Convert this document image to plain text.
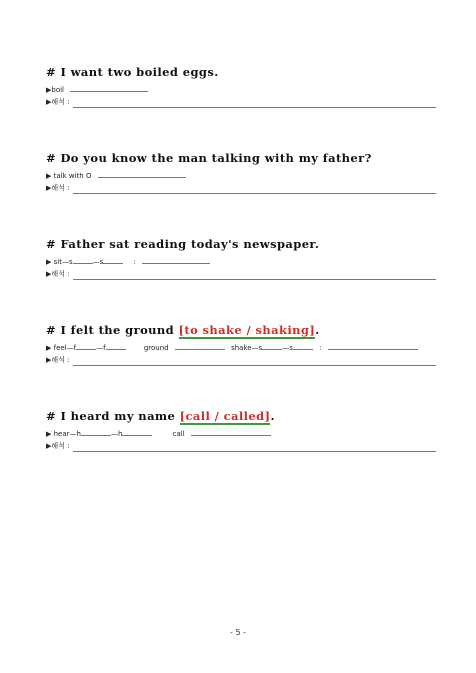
# I want two boiled eggs.
▶boil
▶해석 :
# Do you know the man talking with my father?
▶ talk with O
▶해석 :
# Father sat reading today's newspaper.
▶ sit—s	—s	:
▶해석 :
# I felt the ground [to shake / shaking].
▶ feel—f	—f	ground	shake—s	—s	:
▶해석 :
# I heard my name [call / called].
▶ hear—h	—h	call
▶해석 :
- 5 -
